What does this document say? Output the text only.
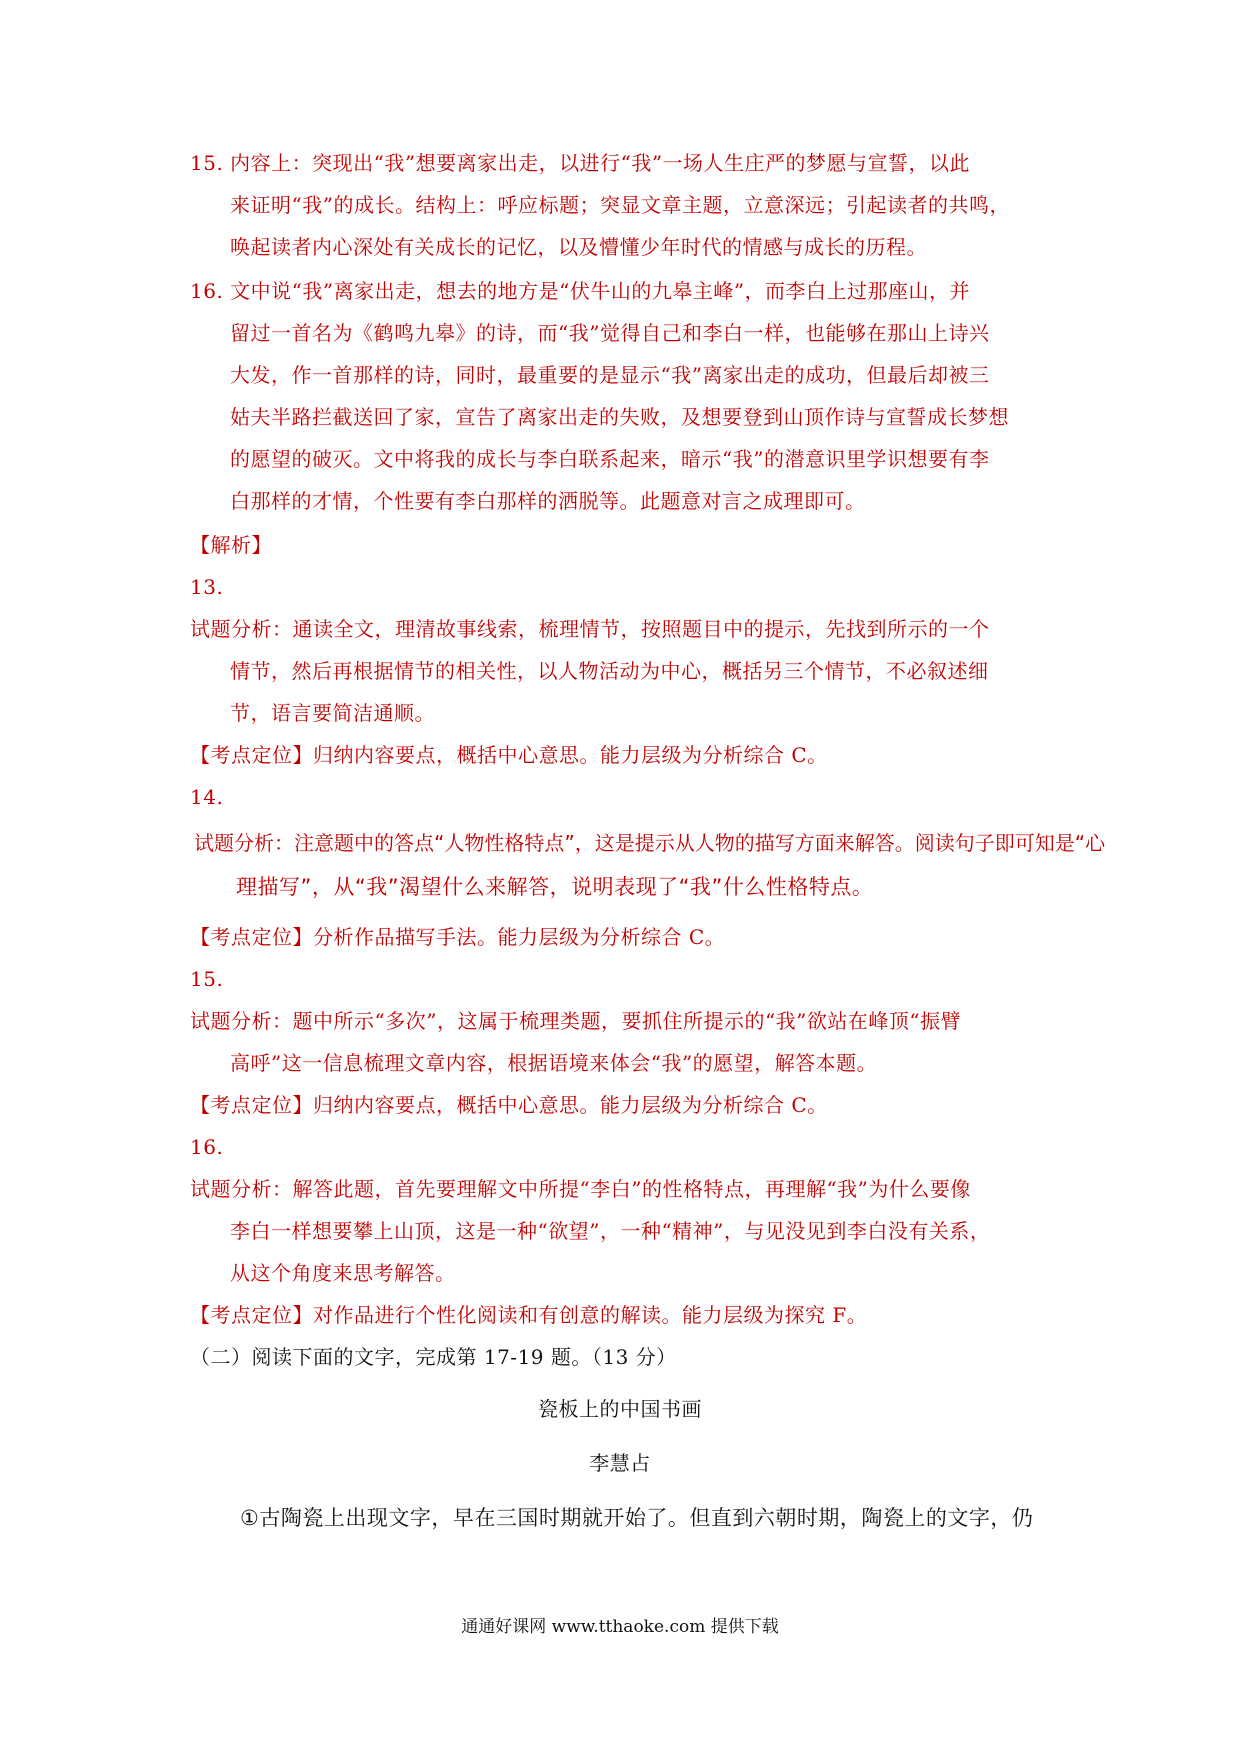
15. 内容上：突现出“我”想要离家出走，以进行“我”一场人生庄严的梦愿与宣誓，以此
来证明“我”的成长。结构上：呼应标题；突显文章主题，立意深远；引起读者的共鸣，
唤起读者内心深处有关成长的记忆，以及懵懂少年时代的情感与成长的历程。
16. 文中说“我”离家出走，想去的地方是“伏牛山的九皋主峰”，而李白上过那座山，并
留过一首名为《鹤鸣九皋》的诗，而“我”觉得自己和李白一样，也能够在那山上诗兴
大发，作一首那样的诗，同时，最重要的是显示“我”离家出走的成功，但最后却被三
姑夫半路拦截送回了家，宣告了离家出走的失败，及想要登到山顶作诗与宣誓成长梦想
的愿望的破灭。文中将我的成长与李白联系起来，暗示“我”的潜意识里学识想要有李
白那样的才情，个性要有李白那样的洒脱等。此题意对言之成理即可。
【解析】
13.
试题分析：通读全文，理清故事线索，梳理情节，按照题目中的提示，先找到所示的一个
情节，然后再根据情节的相关性，以人物活动为中心，概括另三个情节，不必叙述细
节，语言要简洁通顺。
【考点定位】归纳内容要点，概括中心意思。能力层级为分析综合 C。
14.
试题分析：注意题中的答点“人物性格特点”，这是提示从人物的描写方面来解答。阅读句子即可知是“心
理描写”，从“我”渴望什么来解答，说明表现了“我”什么性格特点。
【考点定位】分析作品描写手法。能力层级为分析综合 C。
15.
试题分析：题中所示“多次”，这属于梳理类题，要抓住所提示的“我”欲站在峰顶“振臂
高呼”这一信息梳理文章内容，根据语境来体会“我”的愿望，解答本题。
【考点定位】归纳内容要点，概括中心意思。能力层级为分析综合 C。
16.
试题分析：解答此题，首先要理解文中所提“李白”的性格特点，再理解“我”为什么要像
李白一样想要攀上山顶，这是一种“欲望”，一种“精神”，与见没见到李白没有关系，
从这个角度来思考解答。
【考点定位】对作品进行个性化阅读和有创意的解读。能力层级为探究 F。
（二）阅读下面的文字，完成第 17-19 题。（13 分）
瓷板上的中国书画
李慧占
①古陶瓷上出现文字，早在三国时期就开始了。但直到六朝时期，陶瓷上的文字，仍
通通好课网 www.tthaoke.com 提供下载
